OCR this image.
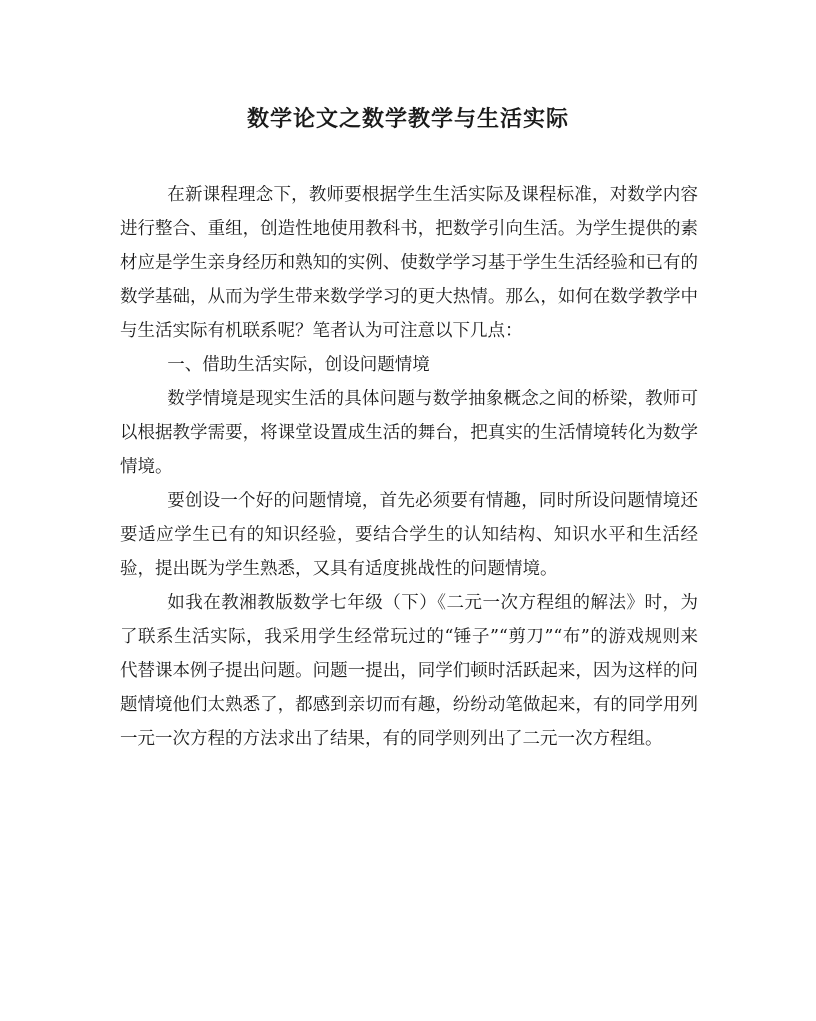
数学论文之数学教学与生活实际

在新课程理念下，教师要根据学生生活实际及课程标准，对数学内容进行整合、重组，创造性地使用教科书，把数学引向生活。为学生提供的素材应是学生亲身经历和熟知的实例、使数学学习基于学生生活经验和已有的数学基础，从而为学生带来数学学习的更大热情。那么，如何在数学教学中与生活实际有机联系呢？笔者认为可注意以下几点：

一、借助生活实际，创设问题情境

数学情境是现实生活的具体问题与数学抽象概念之间的桥梁，教师可以根据教学需要，将课堂设置成生活的舞台，把真实的生活情境转化为数学情境。

要创设一个好的问题情境，首先必须要有情趣，同时所设问题情境还要适应学生已有的知识经验，要结合学生的认知结构、知识水平和生活经验，提出既为学生熟悉，又具有适度挑战性的问题情境。

如我在教湘教版数学七年级（下）《二元一次方程组的解法》时，为了联系生活实际，我采用学生经常玩过的“锤子”“剪刀”“布”的游戏规则来代替课本例子提出问题。问题一提出，同学们顿时活跃起来，因为这样的问题情境他们太熟悉了，都感到亲切而有趣，纷纷动笔做起来，有的同学用列一元一次方程的方法求出了结果，有的同学则列出了二元一次方程组。
